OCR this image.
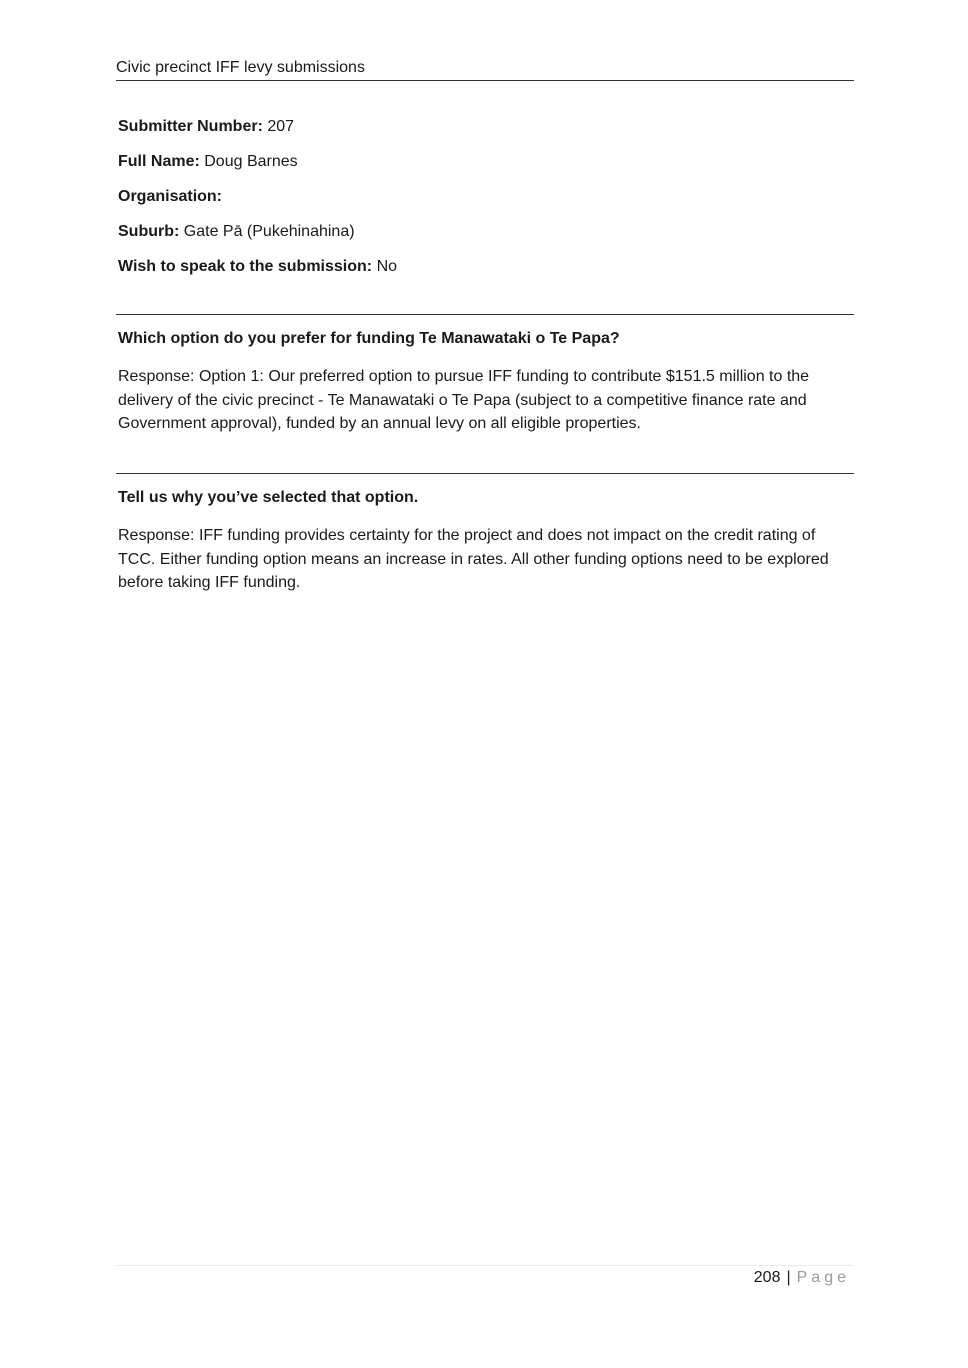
Civic precinct IFF levy submissions
Submitter Number: 207
Full Name: Doug Barnes
Organisation:
Suburb: Gate Pā (Pukehinahina)
Wish to speak to the submission: No

Which option do you prefer for funding Te Manawataki o Te Papa?

Response: Option 1: Our preferred option to pursue IFF funding to contribute $151.5 million to the delivery of the civic precinct - Te Manawataki o Te Papa (subject to a competitive finance rate and Government approval), funded by an annual levy on all eligible properties.

Tell us why you’ve selected that option.

Response: IFF funding provides certainty for the project and does not impact on the credit rating of TCC. Either funding option means an increase in rates. All other funding options need to be explored before taking IFF funding.

208 | Page
